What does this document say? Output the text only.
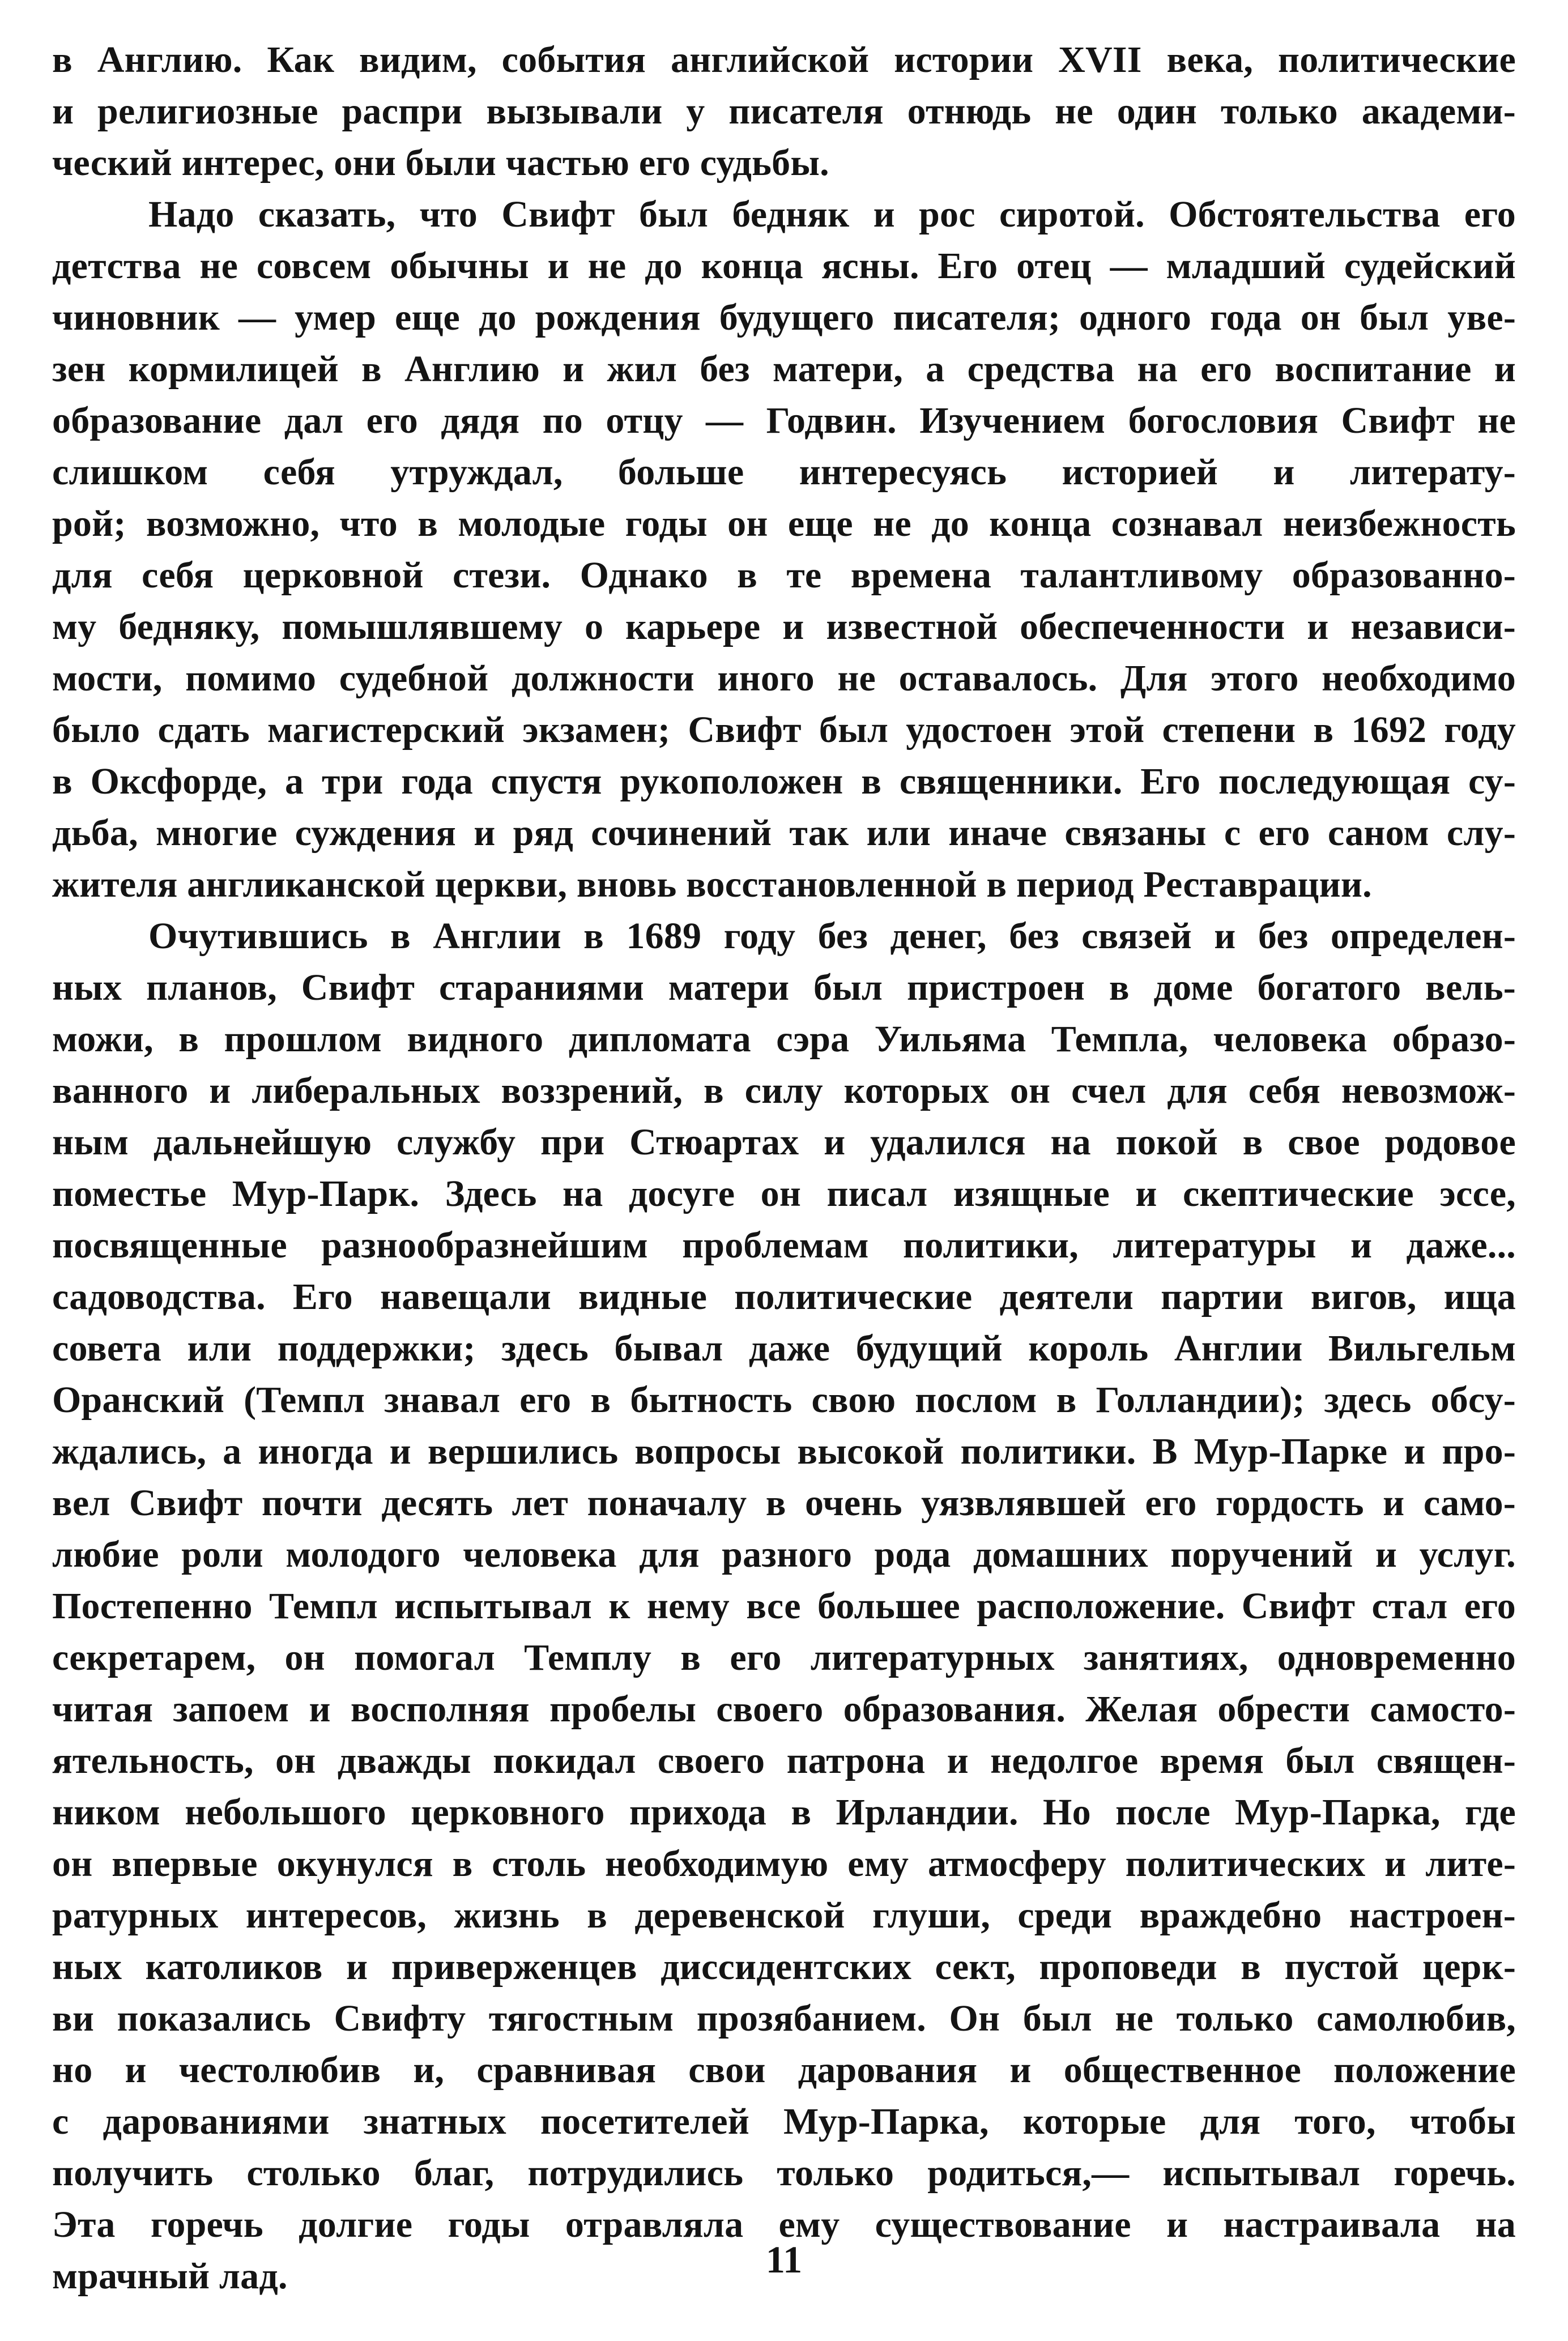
в Англию. Как видим, события английской истории XVII века, политические
и религиозные распри вызывали у писателя отнюдь не один только академи-
ческий интерес, они были частью его судьбы.
Надо сказать, что Свифт был бедняк и рос сиротой. Обстоятельства его
детства не совсем обычны и не до конца ясны. Его отец — младший судейский
чиновник — умер еще до рождения будущего писателя; одного года он был уве-
зен кормилицей в Англию и жил без матери, а средства на его воспитание и
образование дал его дядя по отцу — Годвин. Изучением богословия Свифт не
слишком себя утруждал, больше интересуясь историей и литерату-
рой; возможно, что в молодые годы он еще не до конца сознавал неизбежность
для себя церковной стези. Однако в те времена талантливому образованно-
му бедняку, помышлявшему о карьере и известной обеспеченности и независи-
мости, помимо судебной должности иного не оставалось. Для этого необходимо
было сдать магистерский экзамен; Свифт был удостоен этой степени в 1692 году
в Оксфорде, а три года спустя рукоположен в священники. Его последующая су-
дьба, многие суждения и ряд сочинений так или иначе связаны с его саном слу-
жителя англиканской церкви, вновь восстановленной в период Реставрации.
Очутившись в Англии в 1689 году без денег, без связей и без определен-
ных планов, Свифт стараниями матери был пристроен в доме богатого вель-
можи, в прошлом видного дипломата сэра Уильяма Темпла, человека образо-
ванного и либеральных воззрений, в силу которых он счел для себя невозмож-
ным дальнейшую службу при Стюартах и удалился на покой в свое родовое
поместье Мур-Парк. Здесь на досуге он писал изящные и скептические эссе,
посвященные разнообразнейшим проблемам политики, литературы и даже...
садоводства. Его навещали видные политические деятели партии вигов, ища
совета или поддержки; здесь бывал даже будущий король Англии Вильгельм
Оранский (Темпл знавал его в бытность свою послом в Голландии); здесь обсу-
ждались, а иногда и вершились вопросы высокой политики. В Мур-Парке и про-
вел Свифт почти десять лет поначалу в очень уязвлявшей его гордость и само-
любие роли молодого человека для разного рода домашних поручений и услуг.
Постепенно Темпл испытывал к нему все большее расположение. Свифт стал его
секретарем, он помогал Темплу в его литературных занятиях, одновременно
читая запоем и восполняя пробелы своего образования. Желая обрести самосто-
ятельность, он дважды покидал своего патрона и недолгое время был священ-
ником небольшого церковного прихода в Ирландии. Но после Мур-Парка, где
он впервые окунулся в столь необходимую ему атмосферу политических и лите-
ратурных интересов, жизнь в деревенской глуши, среди враждебно настроен-
ных католиков и приверженцев диссидентских сект, проповеди в пустой церк-
ви показались Свифту тягостным прозябанием. Он был не только самолюбив,
но и честолюбив и, сравнивая свои дарования и общественное положение
с дарованиями знатных посетителей Мур-Парка, которые для того, чтобы
получить столько благ, потрудились только родиться,— испытывал горечь.
Эта горечь долгие годы отравляла ему существование и настраивала на
мрачный лад.	11
